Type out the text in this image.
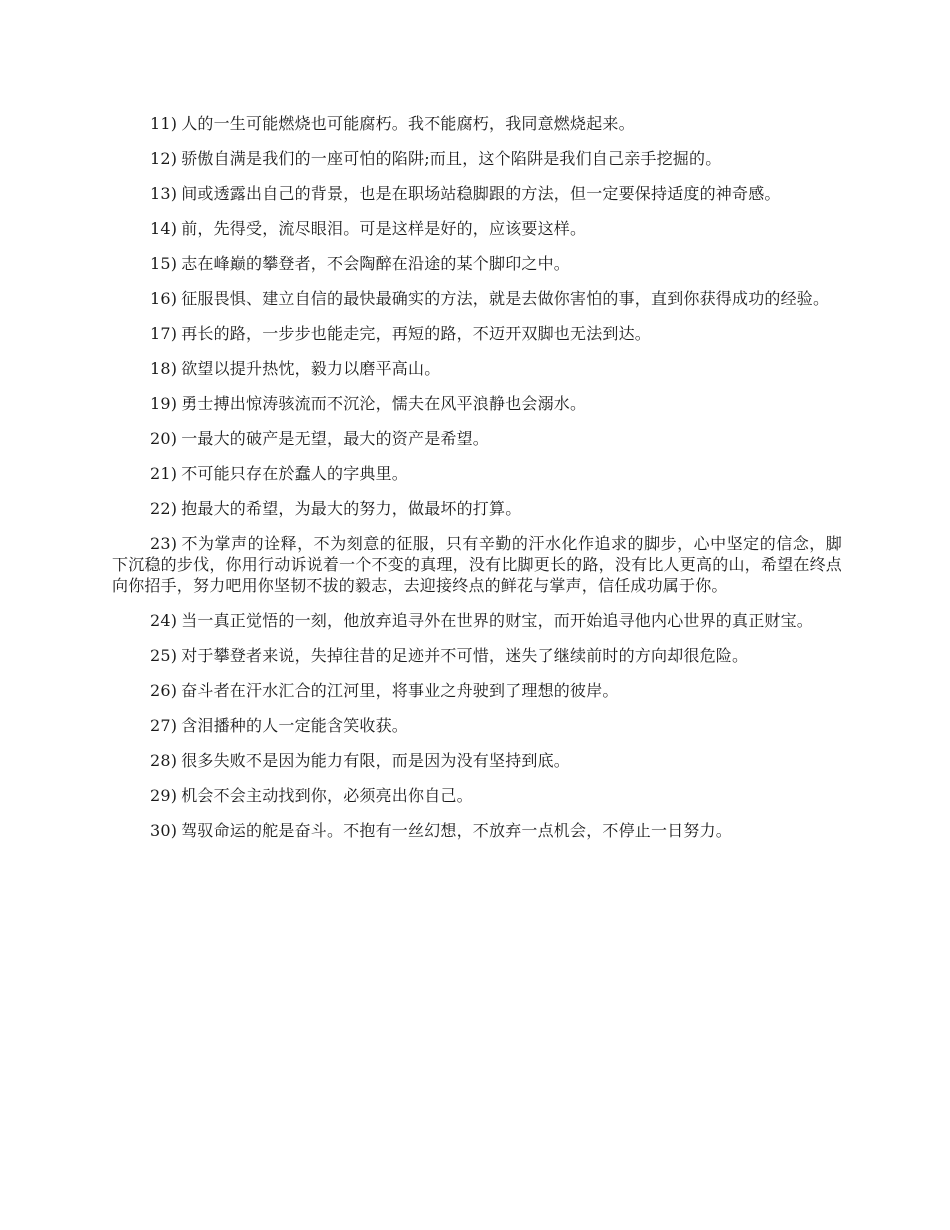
11) 人的一生可能燃烧也可能腐朽。我不能腐朽，我同意燃烧起来。

12) 骄傲自满是我们的一座可怕的陷阱;而且，这个陷阱是我们自己亲手挖掘的。

13) 间或透露出自己的背景，也是在职场站稳脚跟的方法，但一定要保持适度的神奇感。

14) 前，先得受，流尽眼泪。可是这样是好的，应该要这样。

15) 志在峰巅的攀登者，不会陶醉在沿途的某个脚印之中。

16) 征服畏惧、建立自信的最快最确实的方法，就是去做你害怕的事，直到你获得成功的经验。

17) 再长的路，一步步也能走完，再短的路，不迈开双脚也无法到达。

18) 欲望以提升热忱，毅力以磨平高山。

19) 勇士搏出惊涛骇流而不沉沦，懦夫在风平浪静也会溺水。

20) 一最大的破产是无望，最大的资产是希望。

21) 不可能只存在於蠢人的字典里。

22) 抱最大的希望，为最大的努力，做最坏的打算。

23) 不为掌声的诠释，不为刻意的征服，只有辛勤的汗水化作追求的脚步，心中坚定的信念，脚下沉稳的步伐，你用行动诉说着一个不变的真理，没有比脚更长的路，没有比人更高的山，希望在终点向你招手，努力吧用你坚韧不拔的毅志，去迎接终点的鲜花与掌声，信任成功属于你。

24) 当一真正觉悟的一刻，他放弃追寻外在世界的财宝，而开始追寻他内心世界的真正财宝。

25) 对于攀登者来说，失掉往昔的足迹并不可惜，迷失了继续前时的方向却很危险。

26) 奋斗者在汗水汇合的江河里，将事业之舟驶到了理想的彼岸。

27) 含泪播种的人一定能含笑收获。

28) 很多失败不是因为能力有限，而是因为没有坚持到底。

29) 机会不会主动找到你，必须亮出你自己。

30) 驾驭命运的舵是奋斗。不抱有一丝幻想，不放弃一点机会，不停止一日努力。
